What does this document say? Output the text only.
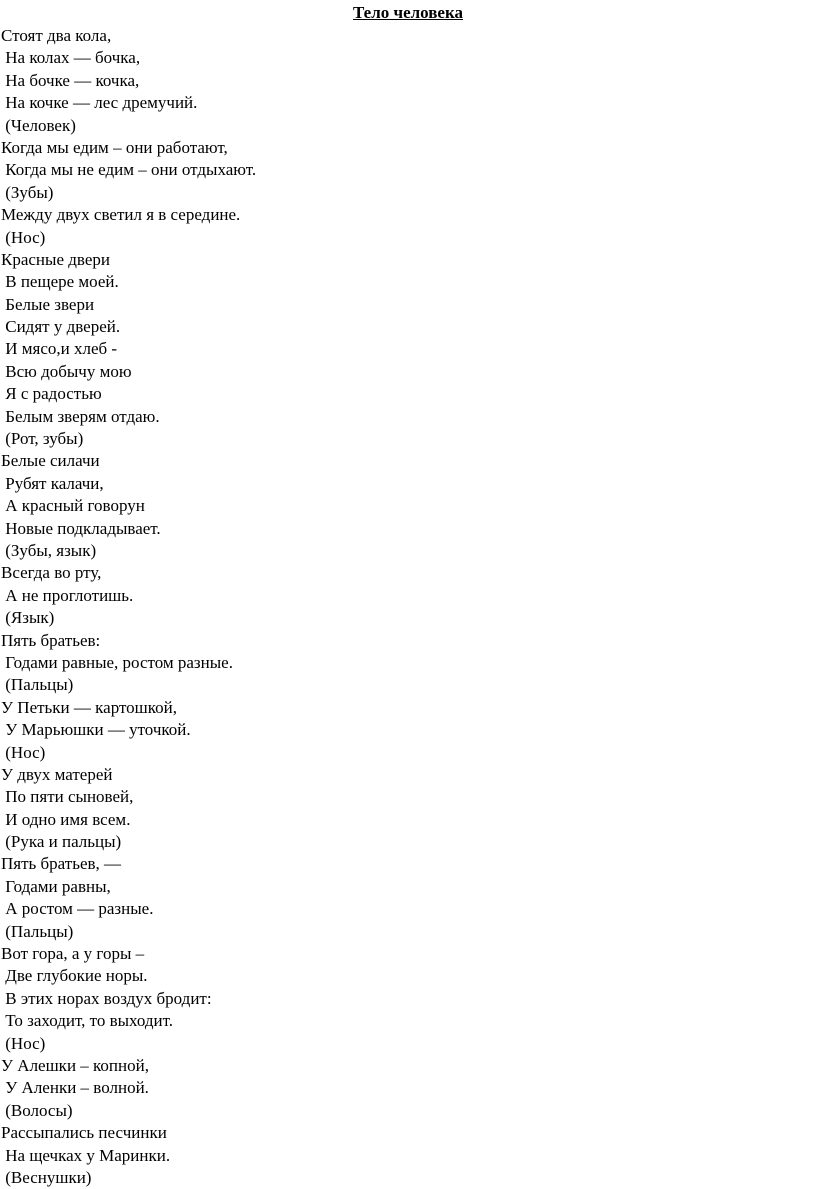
Тело человека
Стоят два кола,
На колах — бочка,
На бочке — кочка,
На кочке — лес дремучий.
(Человек)
Когда мы едим – они работают,
Когда мы не едим – они отдыхают.
(Зубы)
Между двух светил я в середине.
(Нос)
Красные двери
В пещере моей.
Белые звери
Сидят у дверей.
И мясо,и хлеб -
Всю добычу мою
Я с радостью
Белым зверям отдаю.
(Рот, зубы)
Белые силачи
Рубят калачи,
А красный говорун
Новые подкладывает.
(Зубы, язык)
Всегда во рту,
А не проглотишь.
(Язык)
Пять братьев:
Годами равные, ростом разные.
(Пальцы)
У Петьки — картошкой,
У Марьюшки — уточкой.
(Нос)
У двух матерей
По пяти сыновей,
И одно имя всем.
(Рука и пальцы)
Пять братьев, —
Годами равны,
А ростом — разные.
(Пальцы)
Вот гора, а у горы –
Две глубокие норы.
В этих норах воздух бродит:
То заходит, то выходит.
(Нос)
У Алешки – копной,
У Аленки – волной.
(Волосы)
Рассыпались песчинки
На щечках у Маринки.
(Веснушки)
